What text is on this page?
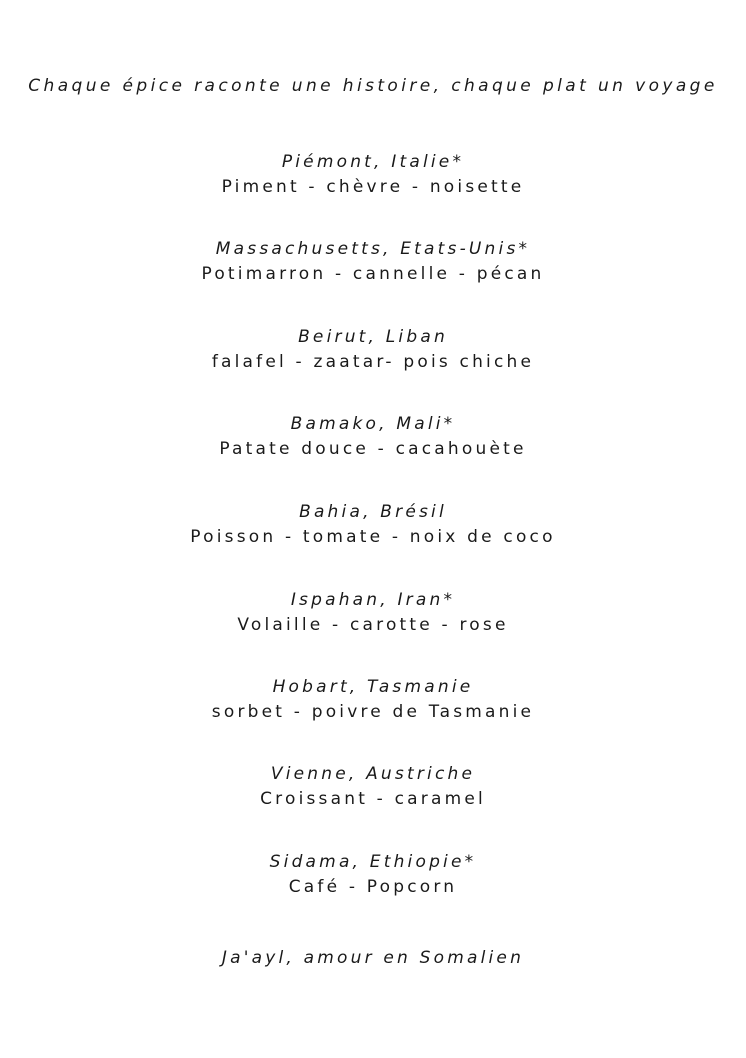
Chaque épice raconte une histoire, chaque plat un voyage
Piémont, Italie*
Piment - chèvre - noisette
Massachusetts, Etats-Unis*
Potimarron - cannelle - pécan
Beirut, Liban
falafel - zaatar- pois chiche
Bamako, Mali*
Patate douce - cacahouète
Bahia, Brésil
Poisson - tomate - noix de coco
Ispahan, Iran*
Volaille - carotte - rose
Hobart, Tasmanie
sorbet - poivre de Tasmanie
Vienne, Austriche
Croissant - caramel
Sidama, Ethiopie*
Café - Popcorn
Ja'ayl, amour en Somalien
